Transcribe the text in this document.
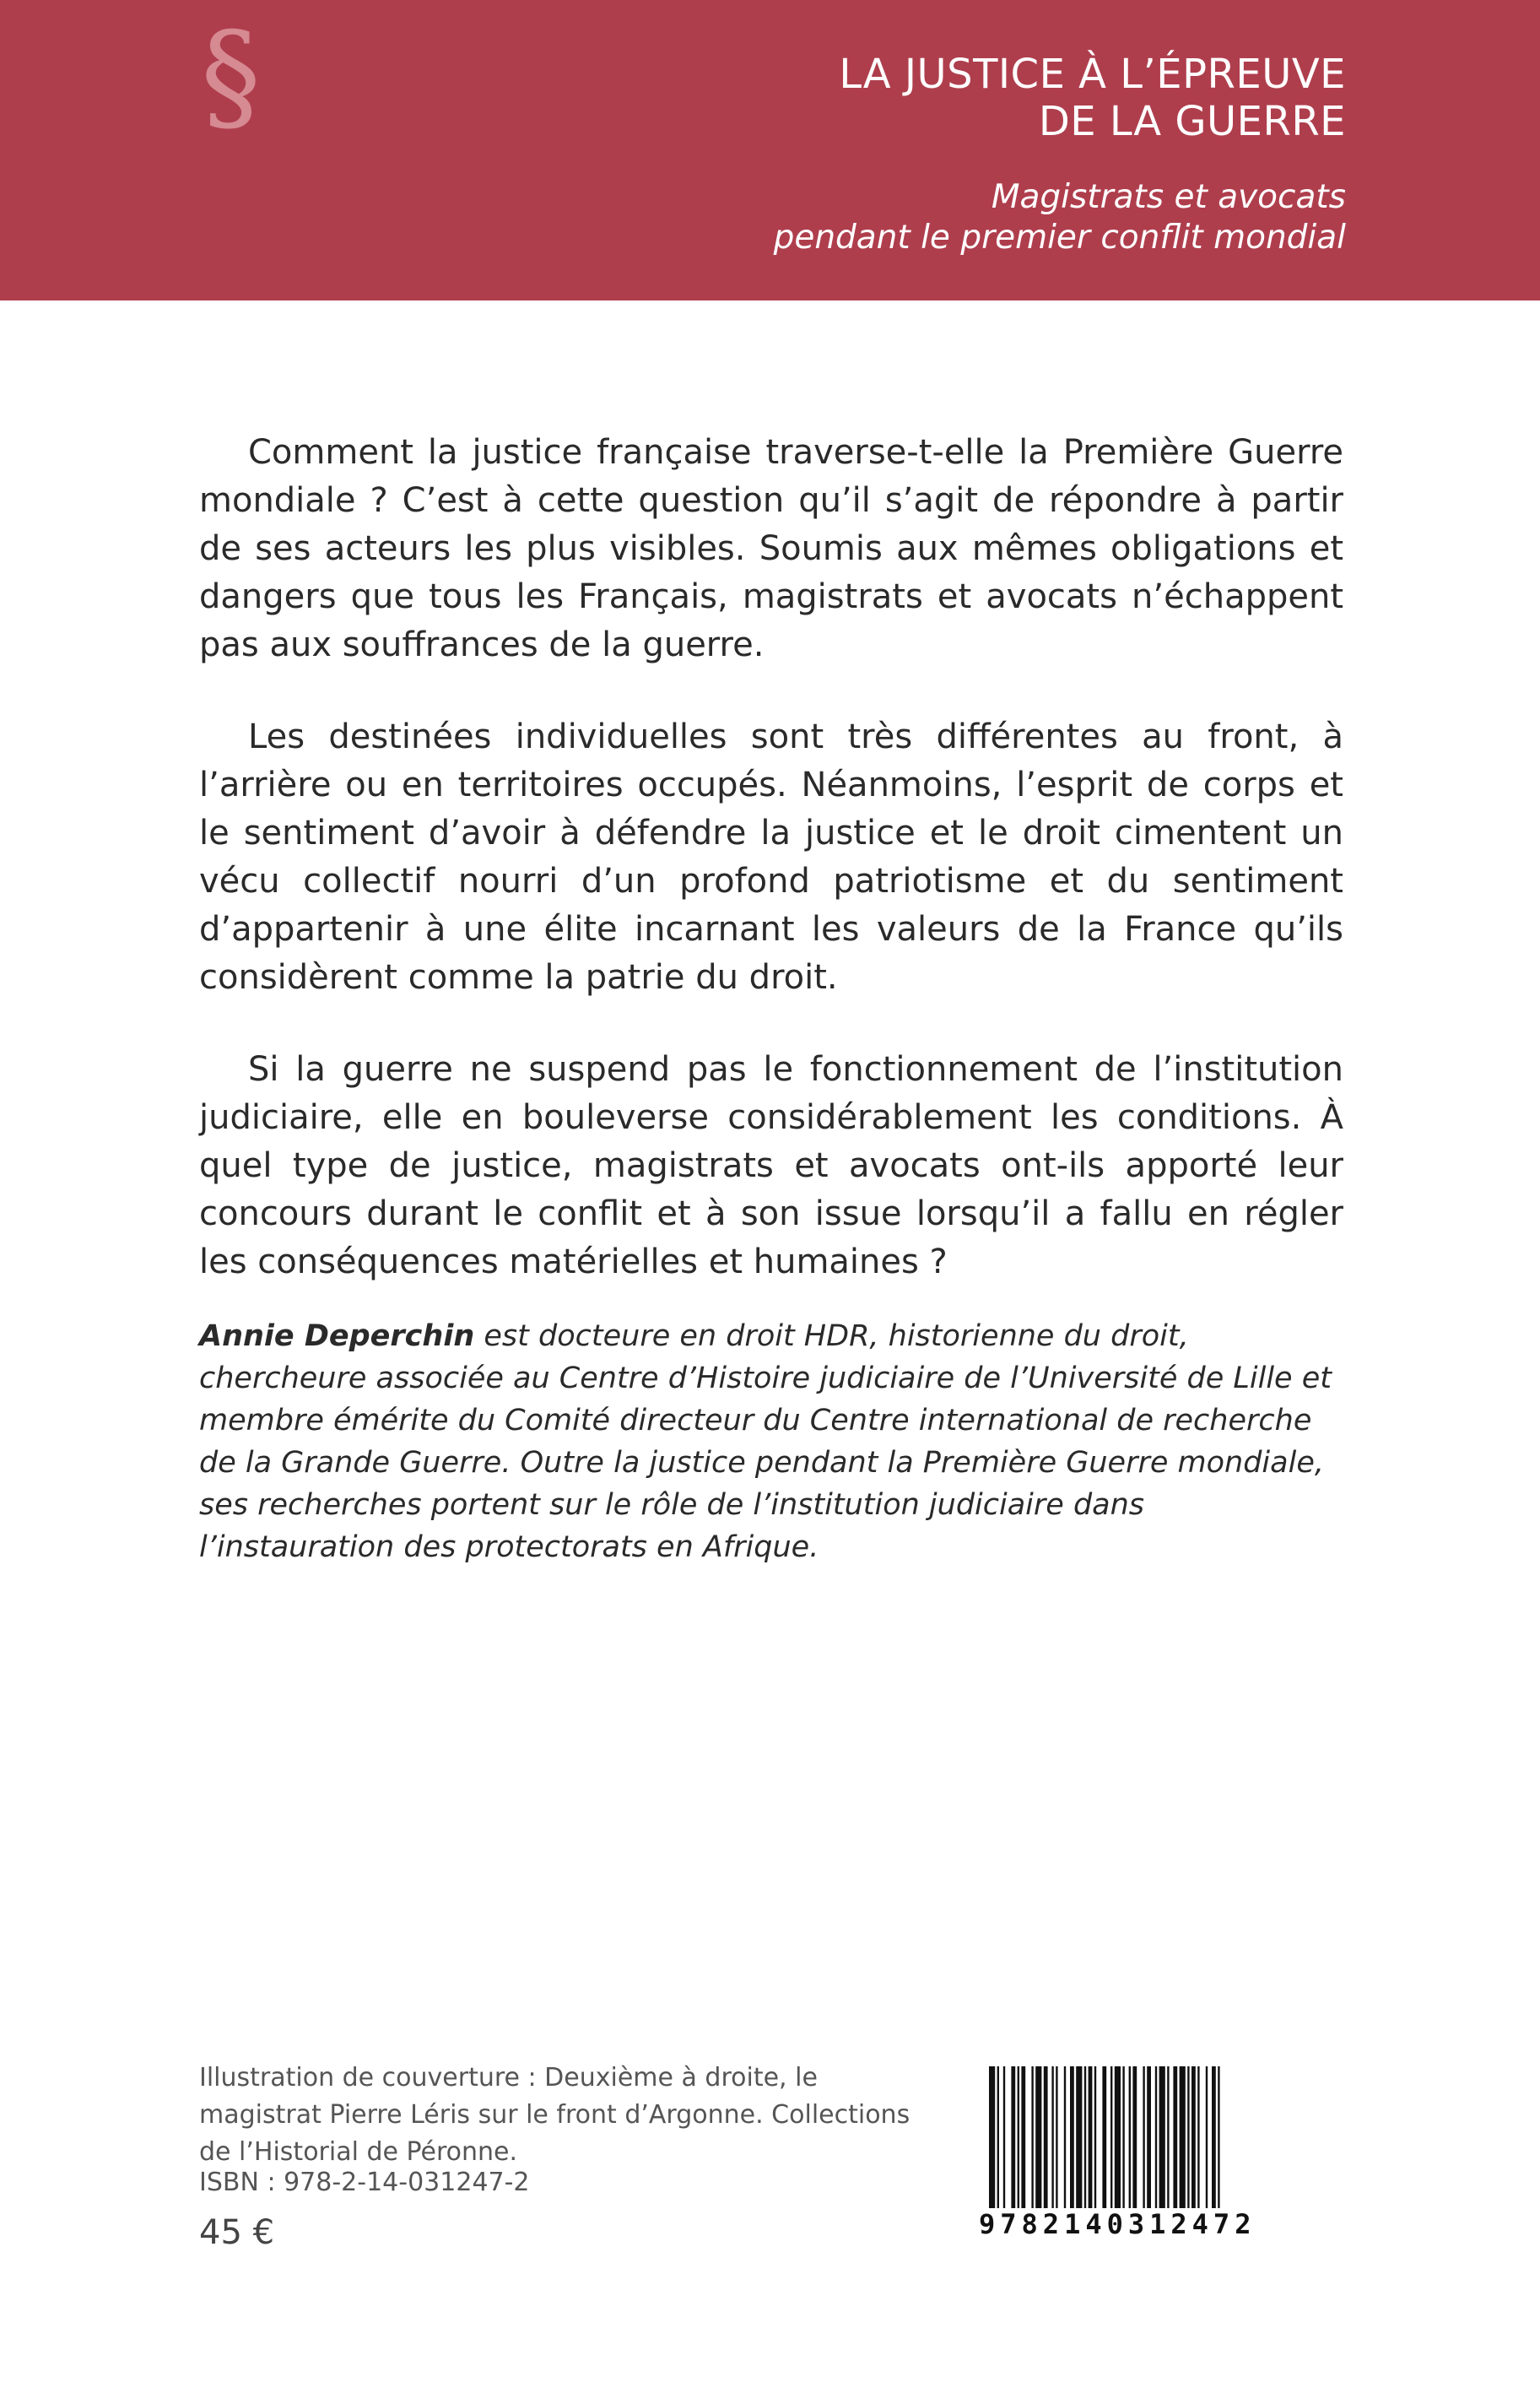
§	LA JUSTICE À L’ÉPREUVE
DE LA GUERRE
Magistrats et avocats
pendant le premier conflit mondial

Comment la justice française traverse-t-elle la Première Guerre mondiale ? C’est à cette question qu’il s’agit de répondre à partir de ses acteurs les plus visibles. Soumis aux mêmes obligations et dangers que tous les Français, magistrats et avocats n’échappent pas aux souffrances de la guerre.

Les destinées individuelles sont très différentes au front, à l’arrière ou en territoires occupés. Néanmoins, l’esprit de corps et le sentiment d’avoir à défendre la justice et le droit cimentent un vécu collectif nourri d’un profond patriotisme et du sentiment d’appartenir à une élite incarnant les valeurs de la France qu’ils considèrent comme la patrie du droit.

Si la guerre ne suspend pas le fonctionnement de l’institution judiciaire, elle en bouleverse considérablement les conditions. À quel type de justice, magistrats et avocats ont-ils apporté leur concours durant le conflit et à son issue lorsqu’il a fallu en régler les conséquences matérielles et humaines ?

Annie Deperchin est docteure en droit HDR, historienne du droit, chercheure associée au Centre d’Histoire judiciaire de l’Université de Lille et membre émérite du Comité directeur du Centre international de recherche de la Grande Guerre. Outre la justice pendant la Première Guerre mondiale, ses recherches portent sur le rôle de l’institution judiciaire dans l’instauration des protectorats en Afrique.
Illustration de couverture : Deuxième à droite, le magistrat Pierre Léris sur le front d’Argonne. Collections de l’Historial de Péronne.
ISBN : 978-2-14-031247-2
45 €	9782140312472
